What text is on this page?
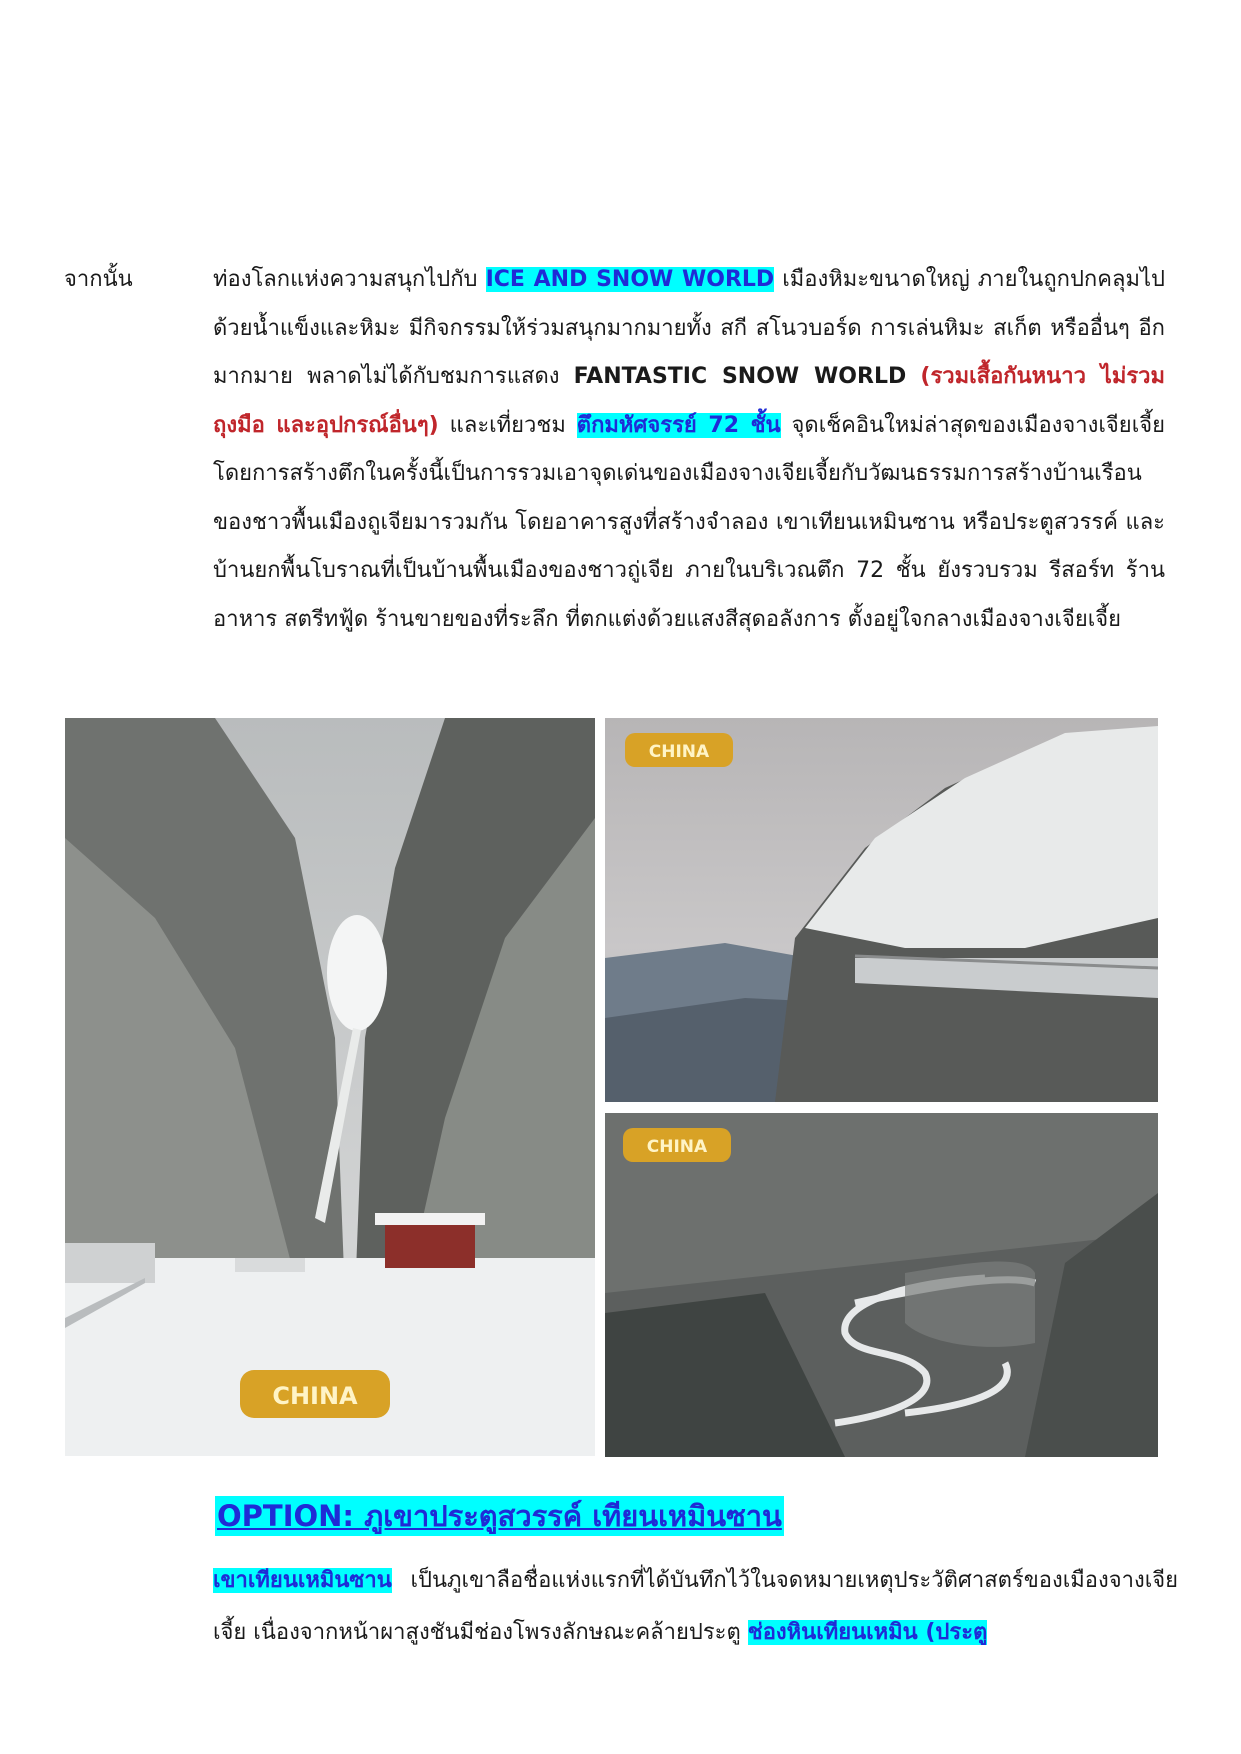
จากนั้น	ท่องโลกแห่งความสนุกไปกับ ICE AND SNOW WORLD เมืองหิมะขนาดใหญ่ ภายในถูกปกคลุมไปด้วยน้ำแข็งและหิมะ มีกิจกรรมให้ร่วมสนุกมากมายทั้ง สกี สโนวบอร์ด การเล่นหิมะ สเก็ต หรืออื่นๆ อีกมากมาย พลาดไม่ได้กับชมการแสดง FANTASTIC SNOW WORLD (รวมเสื้อกันหนาว ไม่รวมถุงมือ และอุปกรณ์อื่นๆ) และเที่ยวชม ตึกมหัศจรรย์ 72 ชั้น จุดเช็คอินใหม่ล่าสุดของเมืองจางเจียเจี้ย โดยการสร้างตึกในครั้งนี้เป็นการรวมเอาจุดเด่นของเมืองจางเจียเจี้ยกับวัฒนธรรมการสร้างบ้านเรือนของชาวพื้นเมืองถูเจียมารวมกัน โดยอาคารสูงที่สร้างจำลอง เขาเทียนเหมินซาน หรือประตูสวรรค์ และบ้านยกพื้นโบราณที่เป็นบ้านพื้นเมืองของชาวถู่เจีย ภายในบริเวณตึก 72 ชั้น ยังรวบรวม รีสอร์ท ร้านอาหาร สตรีทฟู้ด ร้านขายของที่ระลึก ที่ตกแต่งด้วยแสงสีสุดอลังการ ตั้งอยู่ใจกลางเมืองจางเจียเจี้ย

CHINA
CHINA
CHINA
OPTION: ภูเขาประตูสวรรค์ เทียนเหมินซาน

เขาเทียนเหมินซาน เป็นภูเขาลือชื่อแห่งแรกที่ได้บันทึกไว้ในจดหมายเหตุประวัติศาสตร์ของเมืองจางเจียเจี้ย เนื่องจากหน้าผาสูงชันมีช่องโพรงลักษณะคล้ายประตู ช่องหินเทียนเหมิน (ประตู
